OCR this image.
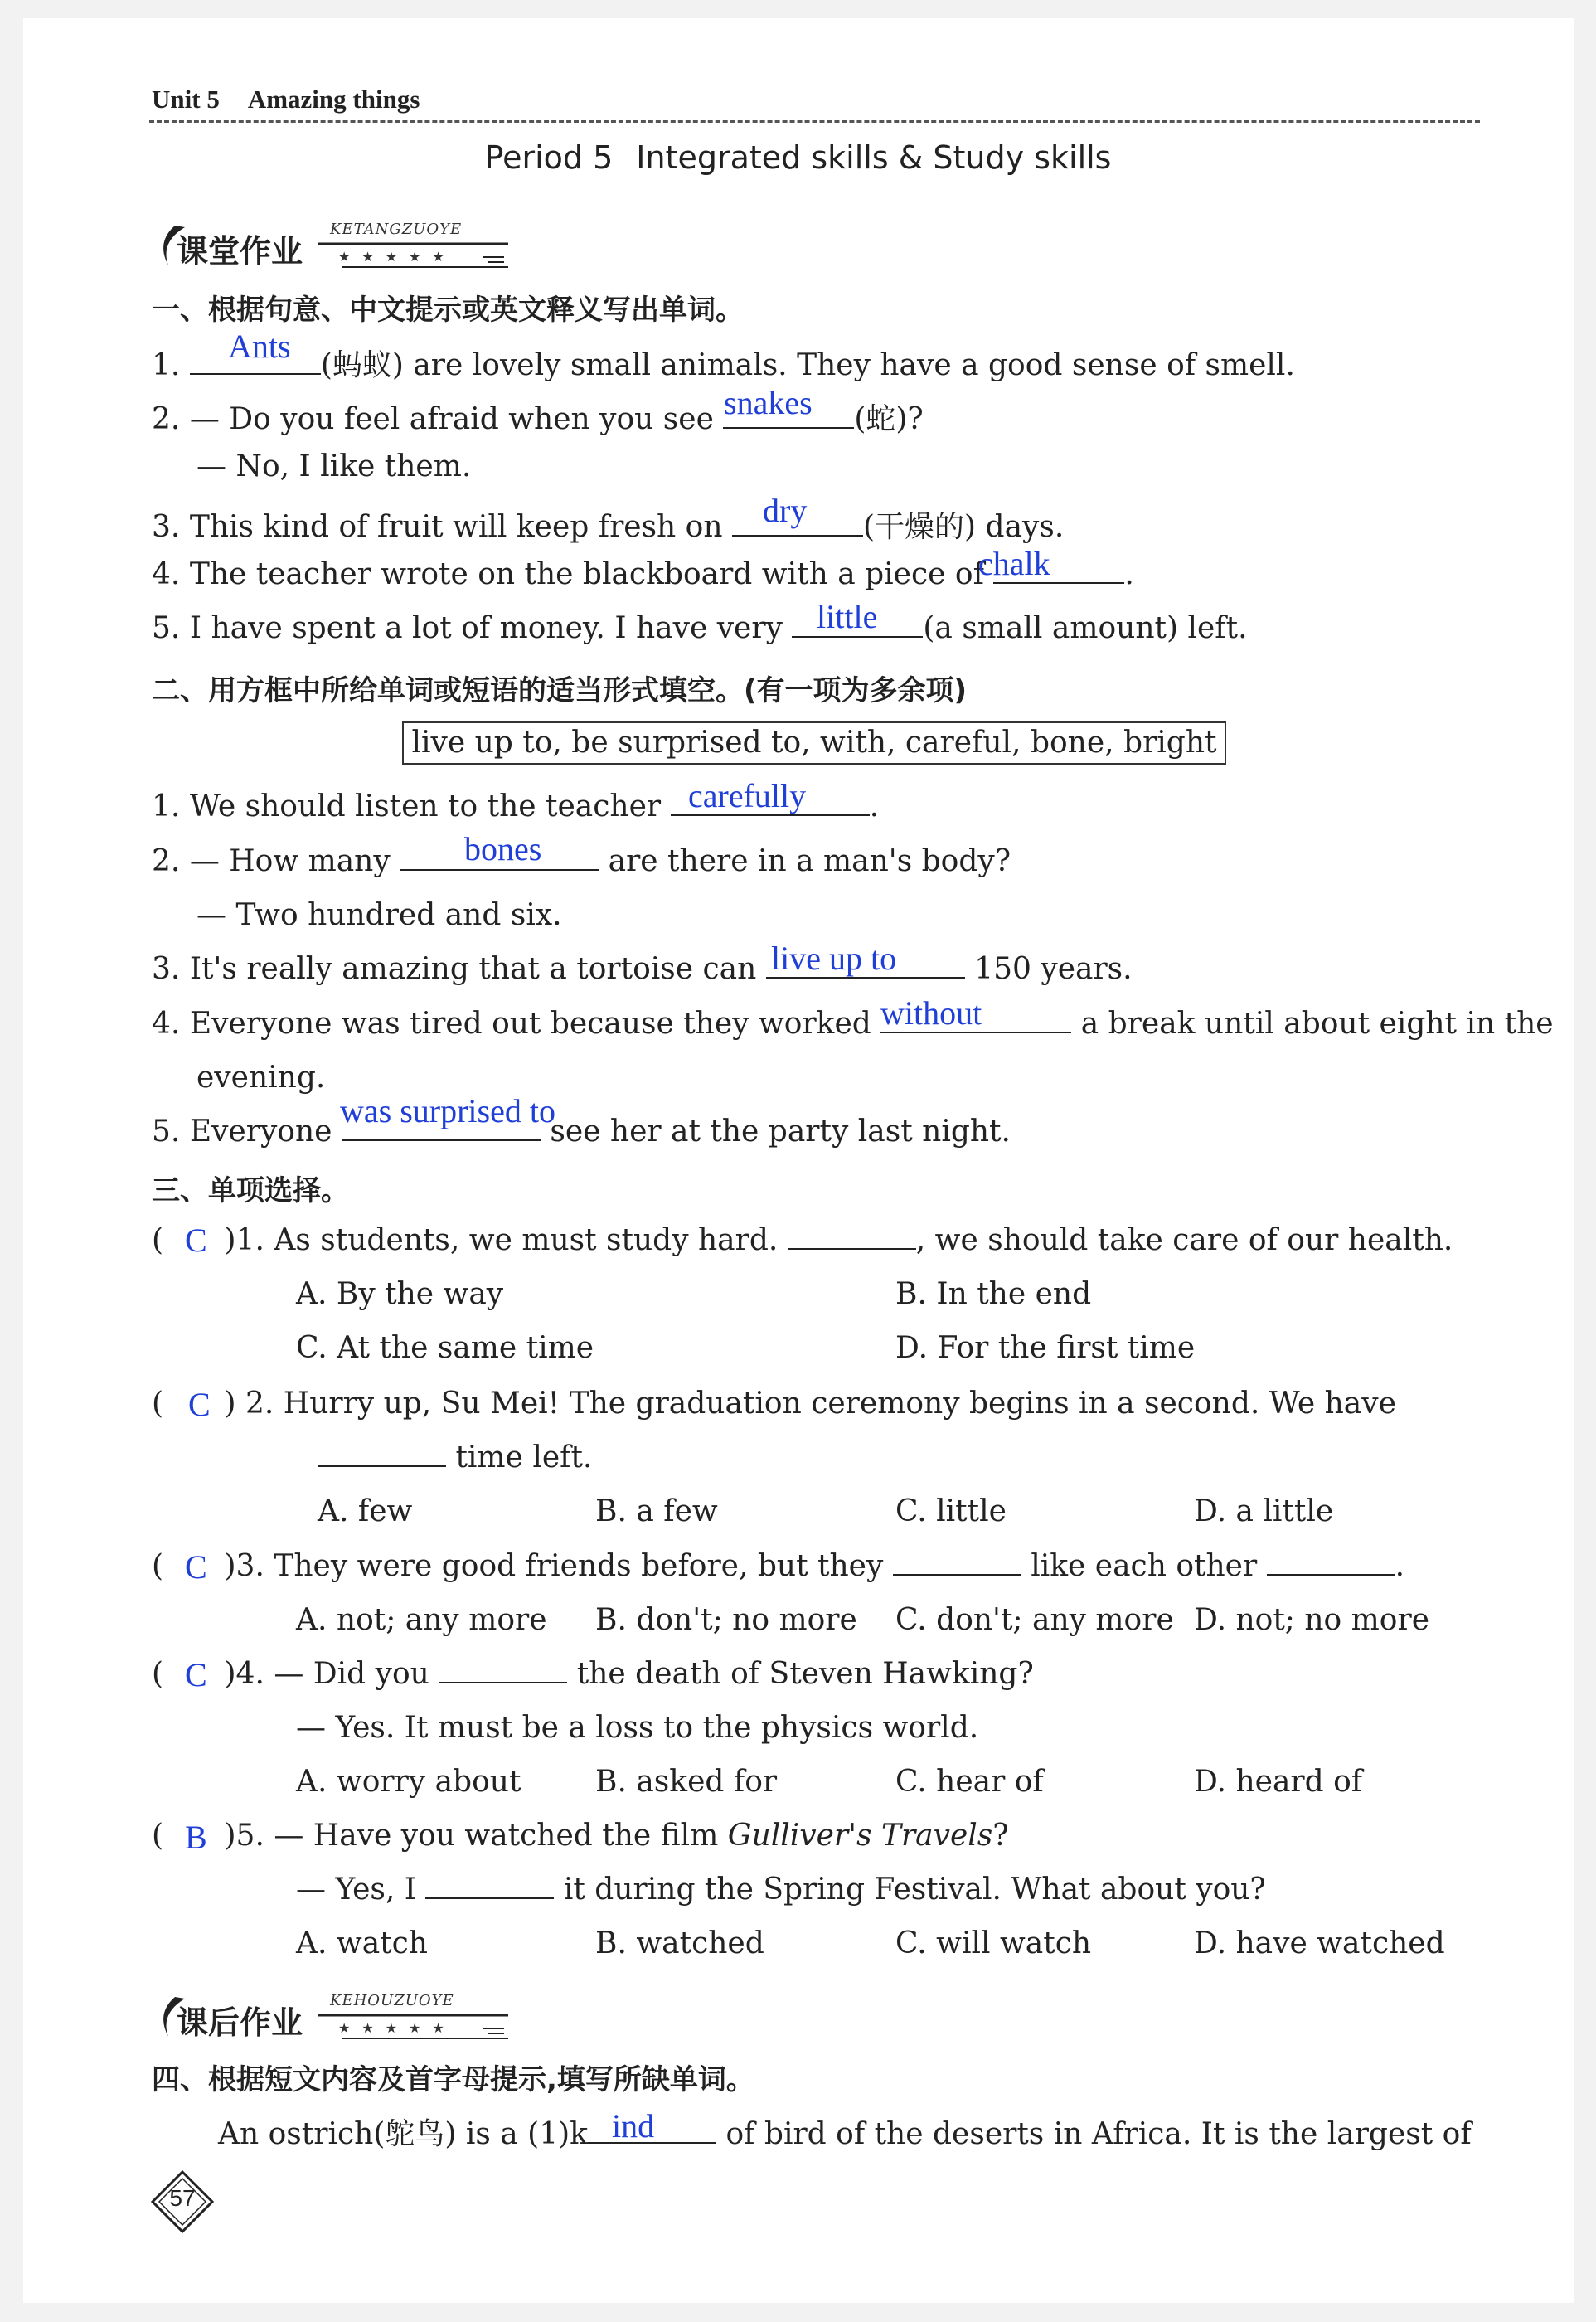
Unit 5 Amazing things
Period 5 Integrated skills & Study skills
课堂作业
KETANGZUOYE
★★★★★
一、根据句意、中文提示或英文释义写出单词。
1.	(蚂蚁) are lovely small animals. They have a good sense of smell.
Ants
2. — Do you feel afraid when you see	(蛇)?
snakes
— No, I like them.
3. This kind of fruit will keep fresh on	(干燥的) days.
dry
4. The teacher wrote on the blackboard with a piece of	.
chalk
5. I have spent a lot of money. I have very	(a small amount) left.
little
二、用方框中所给单词或短语的适当形式填空。(有一项为多余项)
live up to, be surprised to, with, careful, bone, bright
1. We should listen to the teacher	.
carefully
2. — How many	are there in a man's body?
bones
— Two hundred and six.
3. It's really amazing that a tortoise can	150 years.
live up to
4. Everyone was tired out because they worked	a break until about eight in the
without
evening.
5. Everyone	see her at the party last night.
was surprised to
三、单项选择。
( )1. As students, we must study hard.	, we should take care of our health.
C
A. By the way	B. In the end
C. At the same time	D. For the first time
( ) 2. Hurry up, Su Mei! The graduation ceremony begins in a second. We have
C
time left.
A. few	B. a few	C. little	D. a little
( )3. They were good friends before, but they	like each other	.
C
A. not; any more B. don't; no more C. don't; any more D. not; no more
( )4. — Did you	the death of Steven Hawking?
C
— Yes. It must be a loss to the physics world.
A. worry about B. asked for	C. hear of	D. heard of
( )5. — Have you watched the film Gulliver's Travels?
B
— Yes, I	it during the Spring Festival. What about you?
A. watch	B. watched	C. will watch	D. have watched
课后作业
KEHOUZUOYE
★★★★★
四、根据短文内容及首字母提示,填写所缺单词。
An ostrich(鸵鸟) is a (1)k	of bird of the deserts in Africa. It is the largest of
ind
57
